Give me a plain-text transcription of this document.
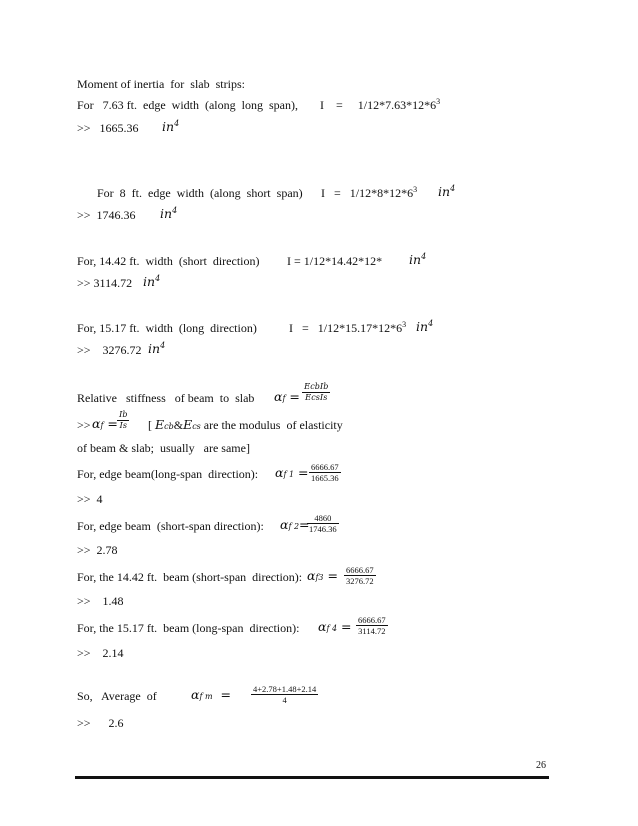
Moment of inertia  for  slab  strips:
For   7.63 ft.  edge  width  (along  long  span), I    =     $1/12*7.63*12*6^3$
>>   1665.36 $in^4$
For  8  ft.  edge  width  (along  short  span) $I = 1/12*8*12*6^3$ $in^4$
>>  1746.36 $in^4$
For, 14.42 ft.  width  (short  direction) I = 1/12*14.42*12* $in^4$
>> 3114.72 $in^4$
For, 15.17 ft.  width  (long  direction)	$I = 1/12*15.17*12*6^3$ $in^4$
>>    3276.72 $in^4$
Relative   stiffness   of beam  to  slab αf =
EcbIb
EcsIs
>> $\alpha f = \frac{Ib}{Is}$ [ Ecb&Ecs are the modulus  of elasticity
of beam & slab;  usually   are same]
For, edge beam(long-span  direction): αf $1 = \frac{6666.67}{1665.36}$
>>  4
For, edge beam  (short-span direction): αf 2=
$\frac{4860}{1746.36}$
>>  2.78
For, the 14.42 ft.  beam (short-span  direction): $\alpha f3 = \frac{6666.67}{3276.72}$
>>    1.48
For, the 15.17 ft.  beam (long-span  direction): αf $4 = \frac{6666.67}{3114.72}$
>>    2.14
So,   Average  of	αf $m = \frac{4+2.78+1.48+2.14}{4}$
>>      2.6
26
